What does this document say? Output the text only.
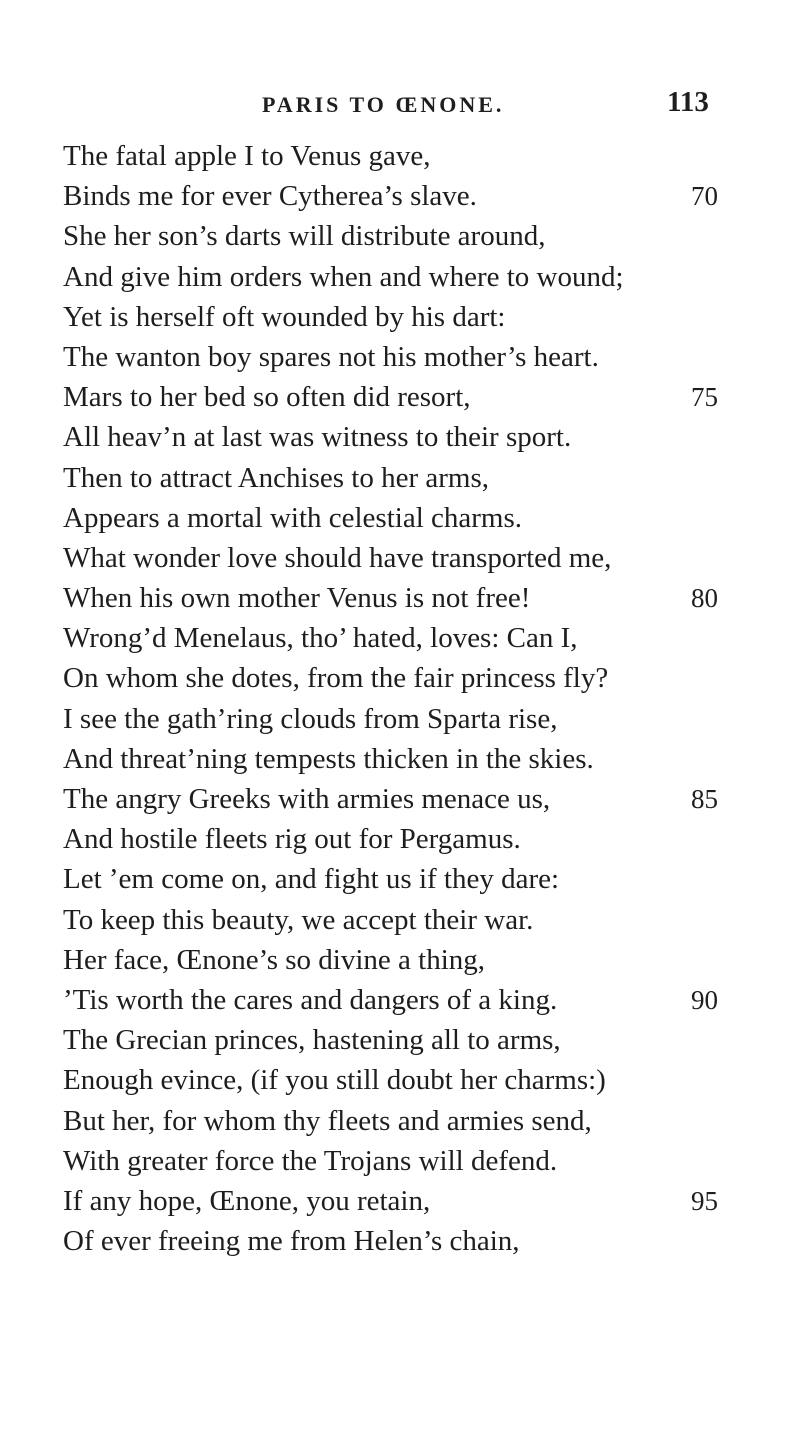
PARIS TO ŒNONE.	113
The fatal apple I to Venus gave,
Binds me for ever Cytherea’s slave.	70
She her son’s darts will distribute around,
And give him orders when and where to wound;
Yet is herself oft wounded by his dart:
The wanton boy spares not his mother’s heart.
Mars to her bed so often did resort,	75
All heav’n at last was witness to their sport.
Then to attract Anchises to her arms,
Appears a mortal with celestial charms.
What wonder love should have transported me,
When his own mother Venus is not free!	80
Wrong’d Menelaus, tho’ hated, loves: Can I,
On whom she dotes, from the fair princess fly?
I see the gath’ring clouds from Sparta rise,
And threat’ning tempests thicken in the skies.
The angry Greeks with armies menace us,	85
And hostile fleets rig out for Pergamus.
Let ’em come on, and fight us if they dare:
To keep this beauty, we accept their war.
Her face, Œnone’s so divine a thing,
’Tis worth the cares and dangers of a king.	90
The Grecian princes, hastening all to arms,
Enough evince, (if you still doubt her charms:)
But her, for whom thy fleets and armies send,
With greater force the Trojans will defend.
If any hope, Œnone, you retain,	95
Of ever freeing me from Helen’s chain,
